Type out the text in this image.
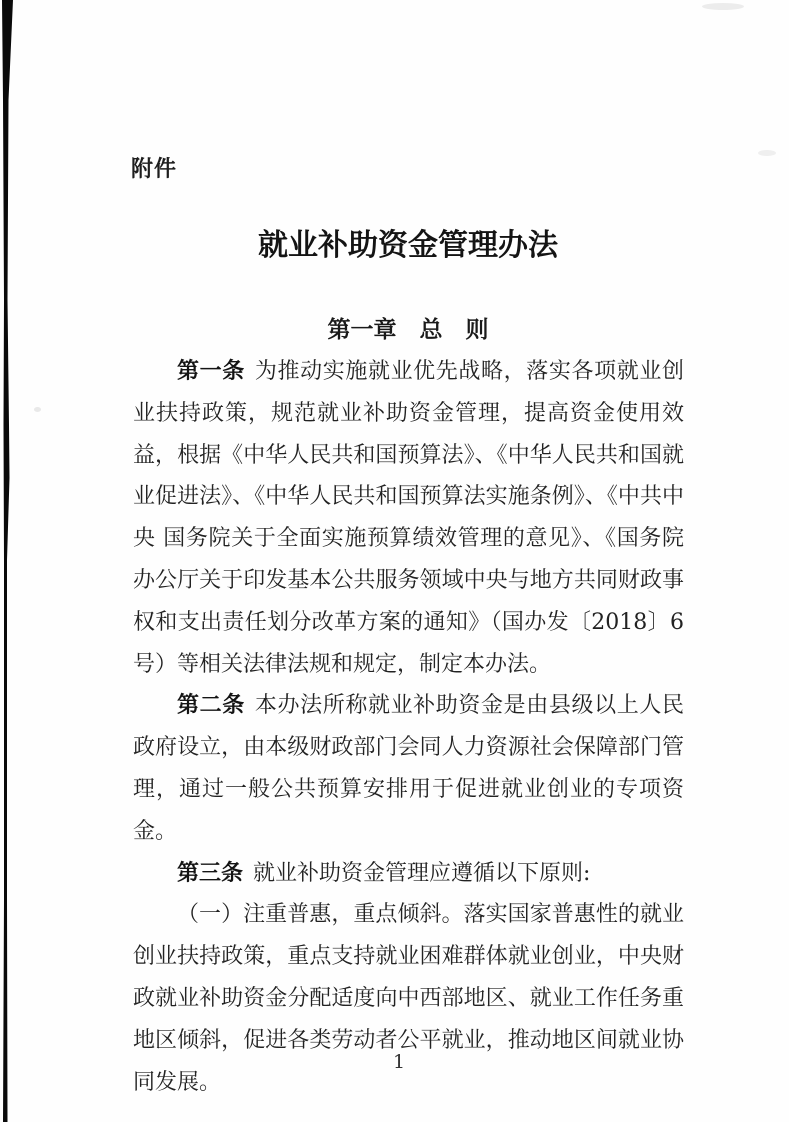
附件
就业补助资金管理办法
第一章　总　则

第一条 为推动实施就业优先战略，落实各项就业创业扶持政策，规范就业补助资金管理，提高资金使用效益，根据《中华人民共和国预算法》、《中华人民共和国就业促进法》、《中华人民共和国预算法实施条例》、《中共中央 国务院关于全面实施预算绩效管理的意见》、《国务院办公厅关于印发基本公共服务领域中央与地方共同财政事权和支出责任划分改革方案的通知》（国办发〔2018〕6号）等相关法律法规和规定，制定本办法。

第二条 本办法所称就业补助资金是由县级以上人民政府设立，由本级财政部门会同人力资源社会保障部门管理，通过一般公共预算安排用于促进就业创业的专项资金。

第三条 就业补助资金管理应遵循以下原则:

（一）注重普惠，重点倾斜。落实国家普惠性的就业创业扶持政策，重点支持就业困难群体就业创业，中央财政就业补助资金分配适度向中西部地区、就业工作任务重地区倾斜，促进各类劳动者公平就业，推动地区间就业协同发展。

1
